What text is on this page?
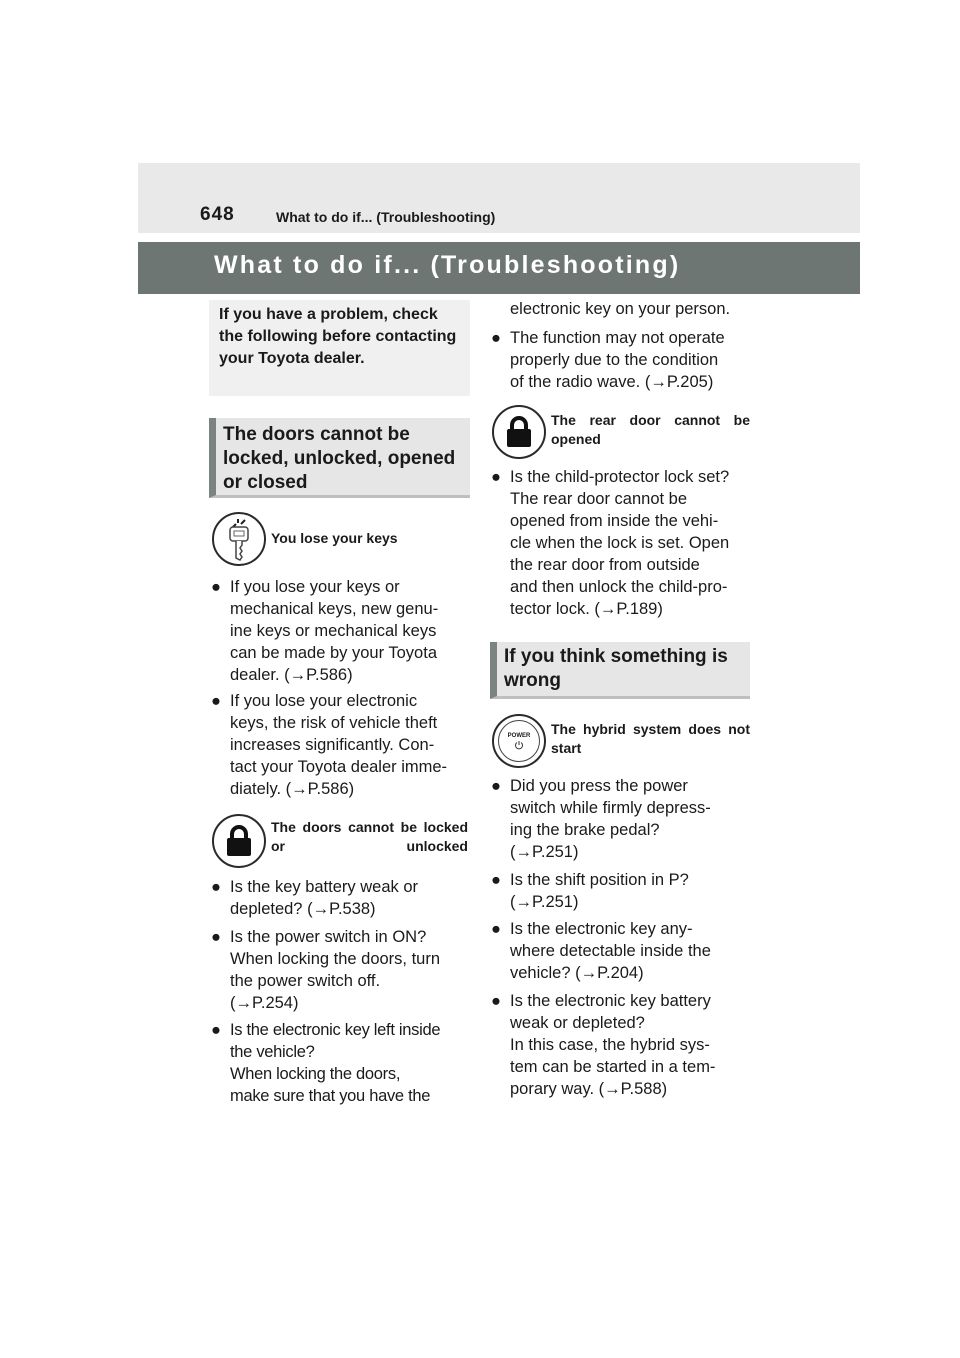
648	What to do if... (Troubleshooting)
What to do if... (Troubleshooting)
If you have a problem, check the following before contacting your Toyota dealer.
The doors cannot be locked, unlocked, opened or closed
You lose your keys
● If you lose your keys or
mechanical keys, new genu-
ine keys or mechanical keys
can be made by your Toyota
dealer. (→P.586)
● If you lose your electronic
keys, the risk of vehicle theft
increases significantly. Con-
tact your Toyota dealer imme-
diately. (→P.586)
The doors cannot be locked or unlocked
● Is the key battery weak or
depleted? (→P.538)
● Is the power switch in ON?
When locking the doors, turn
the power switch off.
(→P.254)
● Is the electronic key left inside
the vehicle?
When locking the doors,
make sure that you have the
electronic key on your person.
● The function may not operate
properly due to the condition
of the radio wave. (→P.205)
The rear door cannot be opened
● Is the child-protector lock set?
The rear door cannot be
opened from inside the vehi-
cle when the lock is set. Open
the rear door from outside
and then unlock the child-pro-
tector lock. (→P.189)
If you think something is wrong
POWER The hybrid system does not start
● Did you press the power
switch while firmly depress-
ing the brake pedal?
(→P.251)
● Is the shift position in P?
(→P.251)
● Is the electronic key any-
where detectable inside the
vehicle? (→P.204)
● Is the electronic key battery
weak or depleted?
In this case, the hybrid sys-
tem can be started in a tem-
porary way. (→P.588)
